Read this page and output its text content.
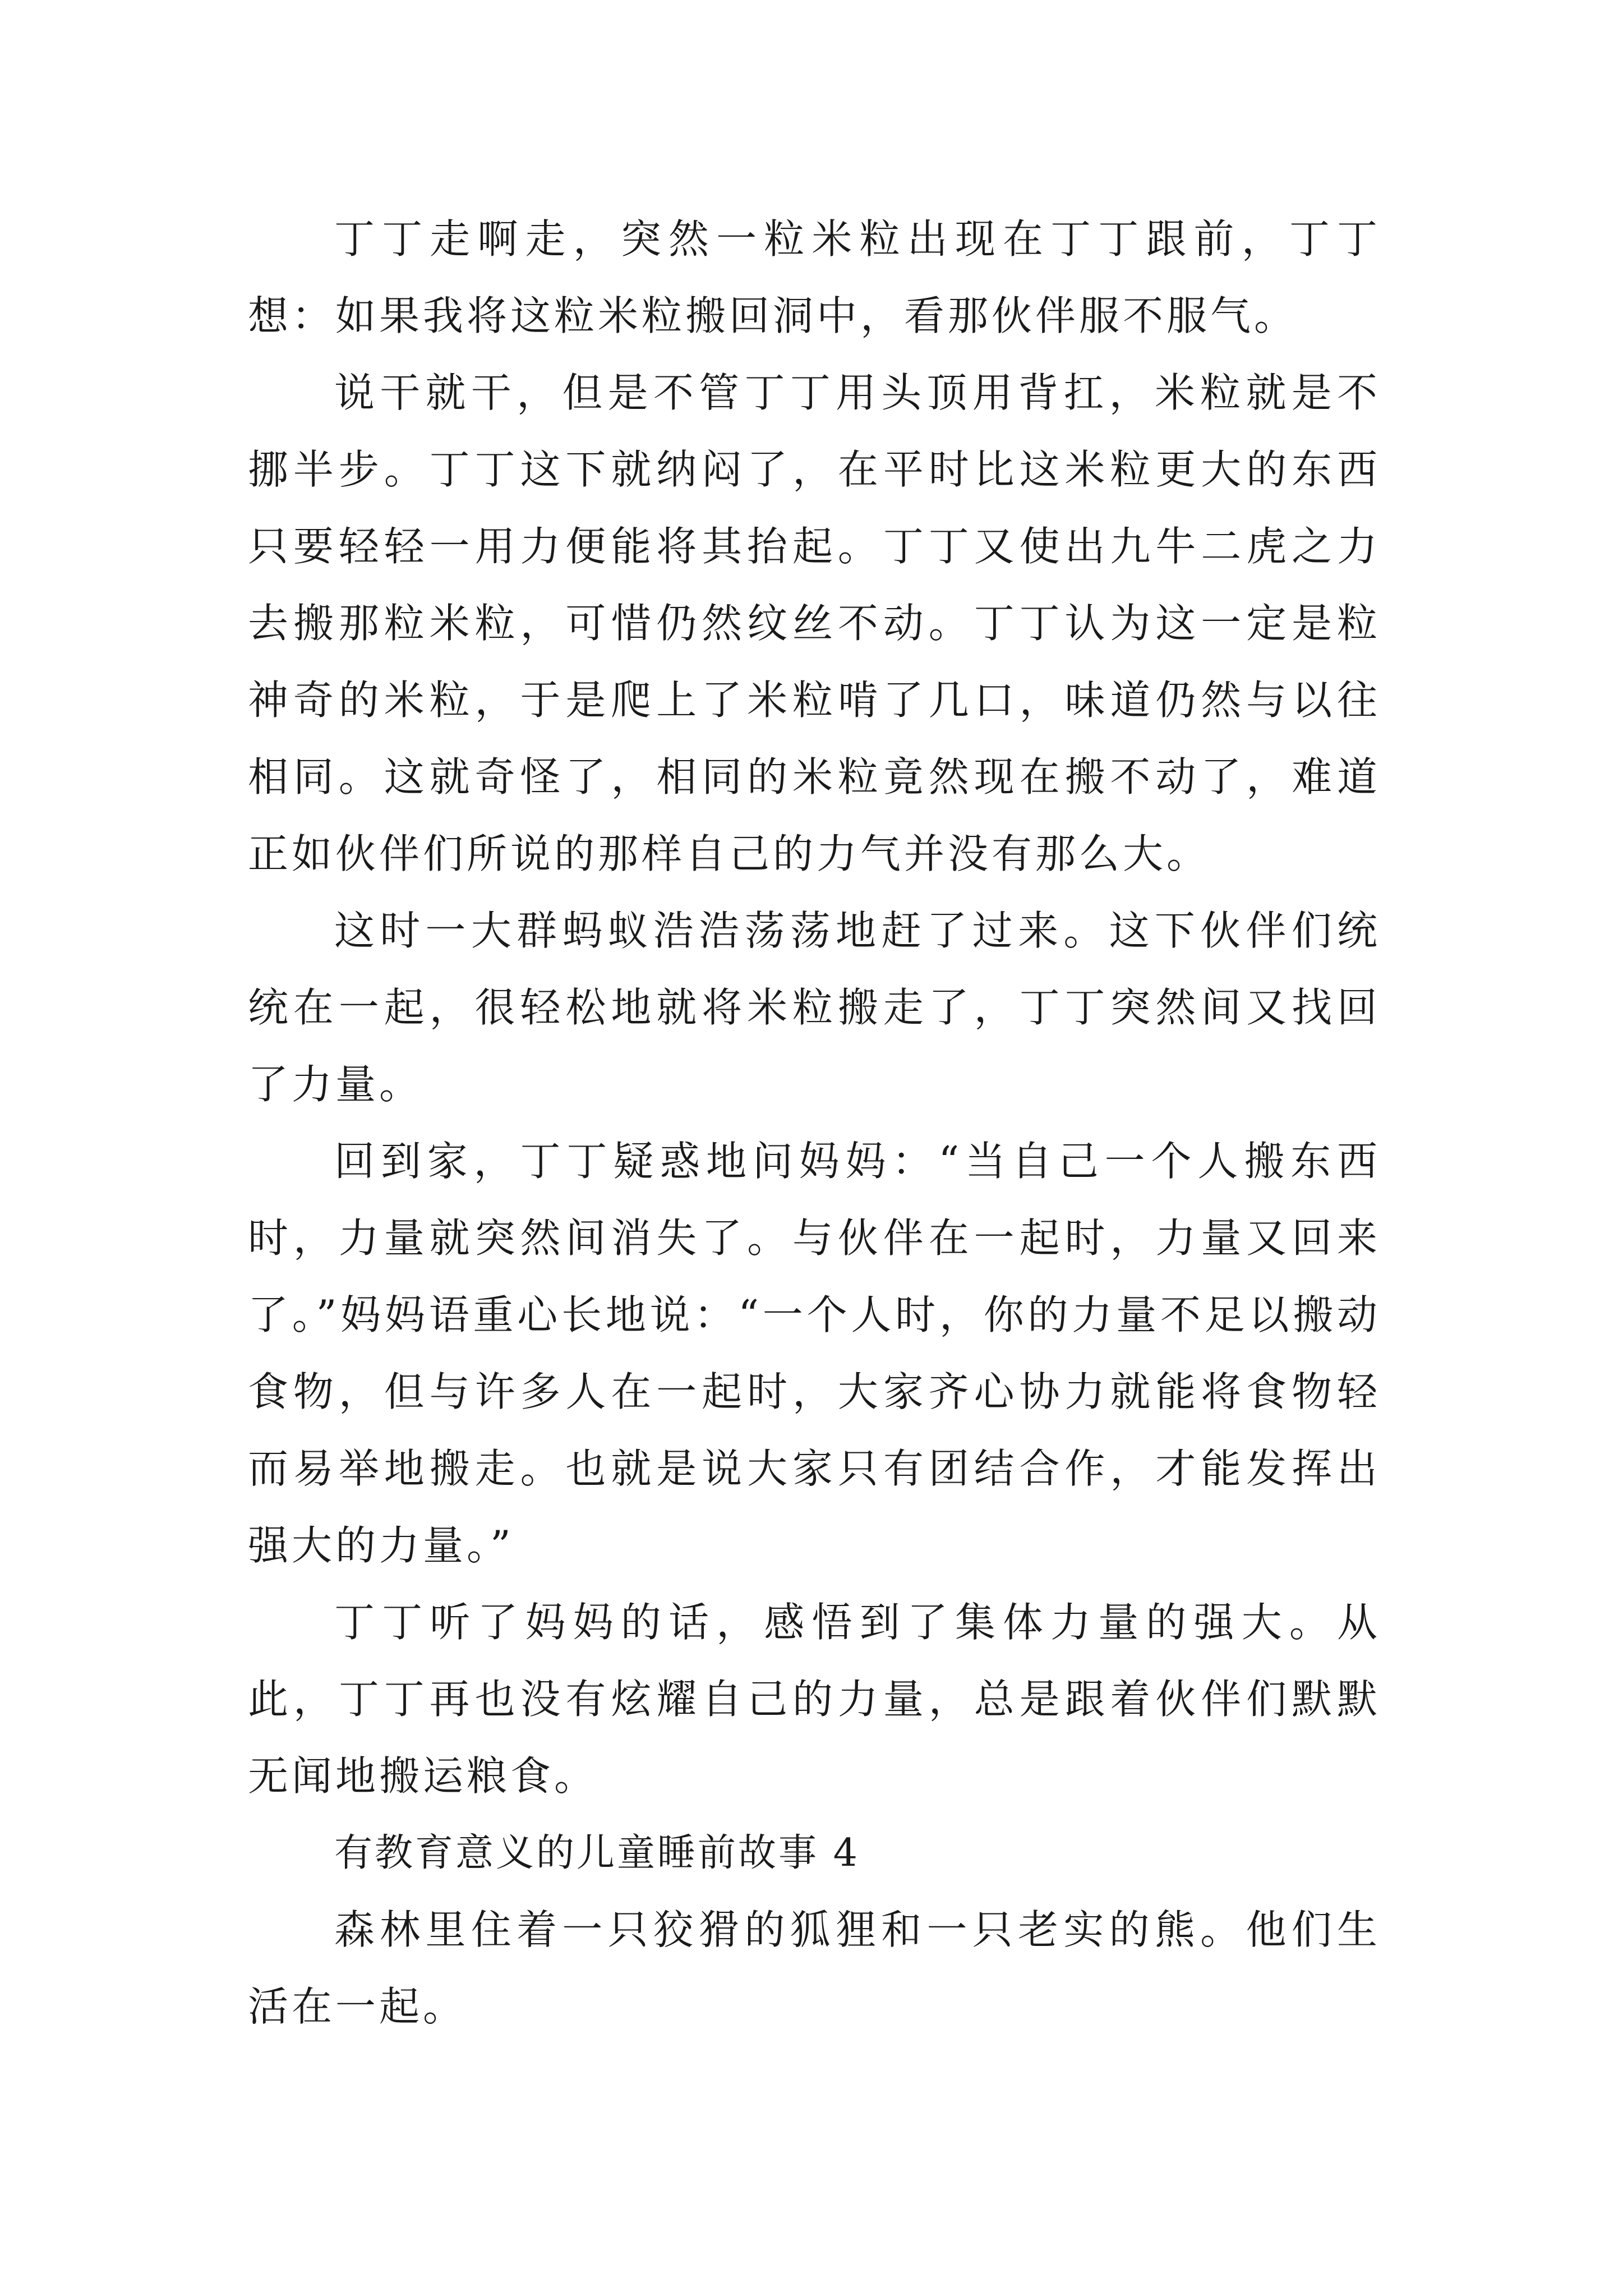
丁丁走啊走，突然一粒米粒出现在丁丁跟前，丁丁想：如果我将这粒米粒搬回洞中，看那伙伴服不服气。

说干就干，但是不管丁丁用头顶用背扛，米粒就是不挪半步。丁丁这下就纳闷了，在平时比这米粒更大的东西只要轻轻一用力便能将其抬起。丁丁又使出九牛二虎之力去搬那粒米粒，可惜仍然纹丝不动。丁丁认为这一定是粒神奇的米粒，于是爬上了米粒啃了几口，味道仍然与以往相同。这就奇怪了，相同的米粒竟然现在搬不动了，难道正如伙伴们所说的那样自己的力气并没有那么大。

这时一大群蚂蚁浩浩荡荡地赶了过来。这下伙伴们统统在一起，很轻松地就将米粒搬走了，丁丁突然间又找回了力量。

回到家，丁丁疑惑地问妈妈：“当自己一个人搬东西时，力量就突然间消失了。与伙伴在一起时，力量又回来了。”妈妈语重心长地说：“一个人时，你的力量不足以搬动食物，但与许多人在一起时，大家齐心协力就能将食物轻而易举地搬走。也就是说大家只有团结合作，才能发挥出强大的力量。”

丁丁听了妈妈的话，感悟到了集体力量的强大。从此，丁丁再也没有炫耀自己的力量，总是跟着伙伴们默默无闻地搬运粮食。

有教育意义的儿童睡前故事 4

森林里住着一只狡猾的狐狸和一只老实的熊。他们生活在一起。
